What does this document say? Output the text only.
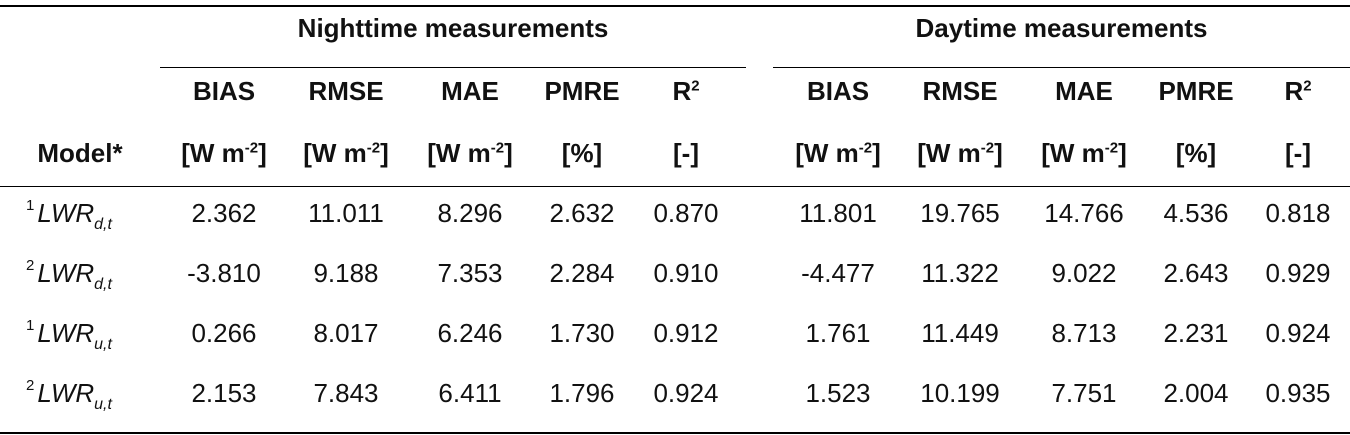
Nighttime measurements	Daytime measurements
BIAS	RMSE	MAE	PMRE	$R^2$	BIAS	RMSE	MAE	PMRE	$R^2$
Model*	[W $m^{-2}$]	[W $m^{-2}$]	[W $m^{-2}$]	[%]	[-]	[W $m^{-2}$]	[W $m^{-2}$]	[W $m^{-2}$]	[%]	[-]
$^1$ $LWR_{d,t}$	2.362	11.011	8.296	2.632	0.870	11.801	19.765	14.766	4.536	0.818
$^2$ $LWR_{d,t}$	-3.810	9.188	7.353	2.284	0.910	-4.477	11.322	9.022	2.643	0.929
$^1$ $LWR_{u,t}$	0.266	8.017	6.246	1.730	0.912	1.761	11.449	8.713	2.231	0.924
$^2$ $LWR_{u,t}$	2.153	7.843	6.411	1.796	0.924	1.523	10.199	7.751	2.004	0.935
